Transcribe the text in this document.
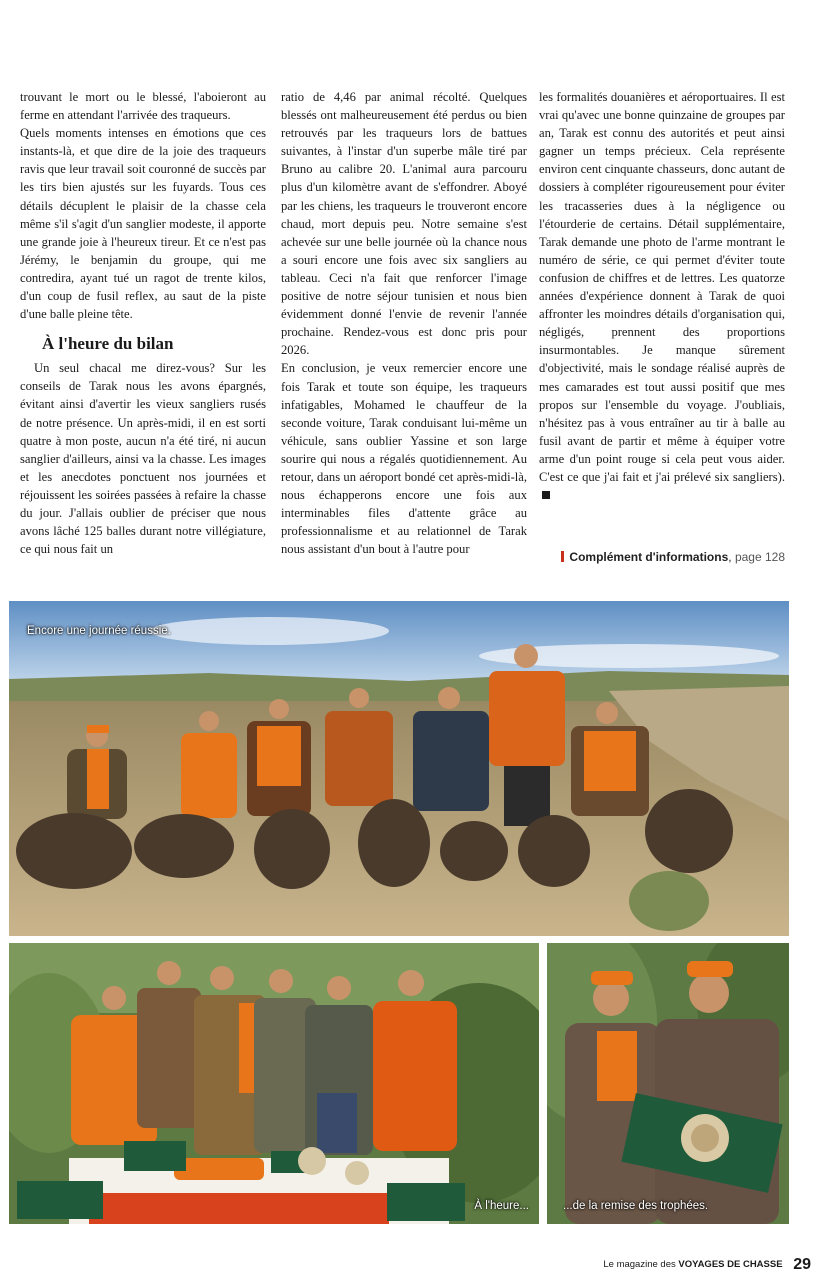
trouvant le mort ou le blessé, l'aboieront au ferme en attendant l'arrivée des traqueurs.

Quels moments intenses en émotions que ces instants-là, et que dire de la joie des traqueurs ravis que leur travail soit couronné de succès par les tirs bien ajustés sur les fuyards. Tous ces détails décuplent le plaisir de la chasse cela même s'il s'agit d'un sanglier modeste, il apporte une grande joie à l'heureux tireur. Et ce n'est pas Jérémy, le benjamin du groupe, qui me contredira, ayant tué un ragot de trente kilos, d'un coup de fusil reflex, au saut de la piste d'une balle pleine tête.

À l'heure du bilan

Un seul chacal me direz-vous? Sur les conseils de Tarak nous les avons épargnés, évitant ainsi d'avertir les vieux sangliers rusés de notre présence. Un après-midi, il en est sorti quatre à mon poste, aucun n'a été tiré, ni aucun sanglier d'ailleurs, ainsi va la chasse. Les images et les anecdotes ponctuent nos journées et réjouissent les soirées passées à refaire la chasse du jour. J'allais oublier de préciser que nous avons lâché 125 balles durant notre villégiature, ce qui nous fait un

ratio de 4,46 par animal récolté. Quelques blessés ont malheureusement été perdus ou bien retrouvés par les traqueurs lors de battues suivantes, à l'instar d'un superbe mâle tiré par Bruno au calibre 20. L'animal aura parcouru plus d'un kilomètre avant de s'effondrer. Aboyé par les chiens, les traqueurs le trouveront encore chaud, mort depuis peu. Notre semaine s'est achevée sur une belle journée où la chance nous a souri encore une fois avec six sangliers au tableau. Ceci n'a fait que renforcer l'image positive de notre séjour tunisien et nous bien évidemment donné l'envie de revenir l'année prochaine. Rendez-vous est donc pris pour 2026.

En conclusion, je veux remercier encore une fois Tarak et toute son équipe, les traqueurs infatigables, Mohamed le chauffeur de la seconde voiture, Tarak conduisant lui-même un véhicule, sans oublier Yassine et son large sourire qui nous a régalés quotidiennement. Au retour, dans un aéroport bondé cet après-midi-là, nous échapperons encore une fois aux interminables files d'attente grâce au professionnalisme et au relationnel de Tarak nous assistant d'un bout à l'autre pour

les formalités douanières et aéroportuaires. Il est vrai qu'avec une bonne quinzaine de groupes par an, Tarak est connu des autorités et peut ainsi gagner un temps précieux. Cela représente environ cent cinquante chasseurs, donc autant de dossiers à compléter rigoureusement pour éviter les tracasseries dues à la négligence ou l'étourderie de certains. Détail supplémentaire, Tarak demande une photo de l'arme montrant le numéro de série, ce qui permet d'éviter toute confusion de chiffres et de lettres. Les quatorze années d'expérience donnent à Tarak de quoi affronter les moindres détails d'organisation qui, négligés, prennent des proportions insurmontables. Je manque sûrement d'objectivité, mais le sondage réalisé auprès de mes camarades est tout aussi positif que mes propos sur l'ensemble du voyage. J'oubliais, n'hésitez pas à vous entraîner au tir à balle au fusil avant de partir et même à équiper votre arme d'un point rouge si cela peut vous aider. C'est ce que j'ai fait et j'ai prélevé six sangliers).

Complément d'informations, page 128
Encore une journée réussie.
À l'heure...	...de la remise des trophées.
Le magazine des VOYAGES DE CHASSE 29
